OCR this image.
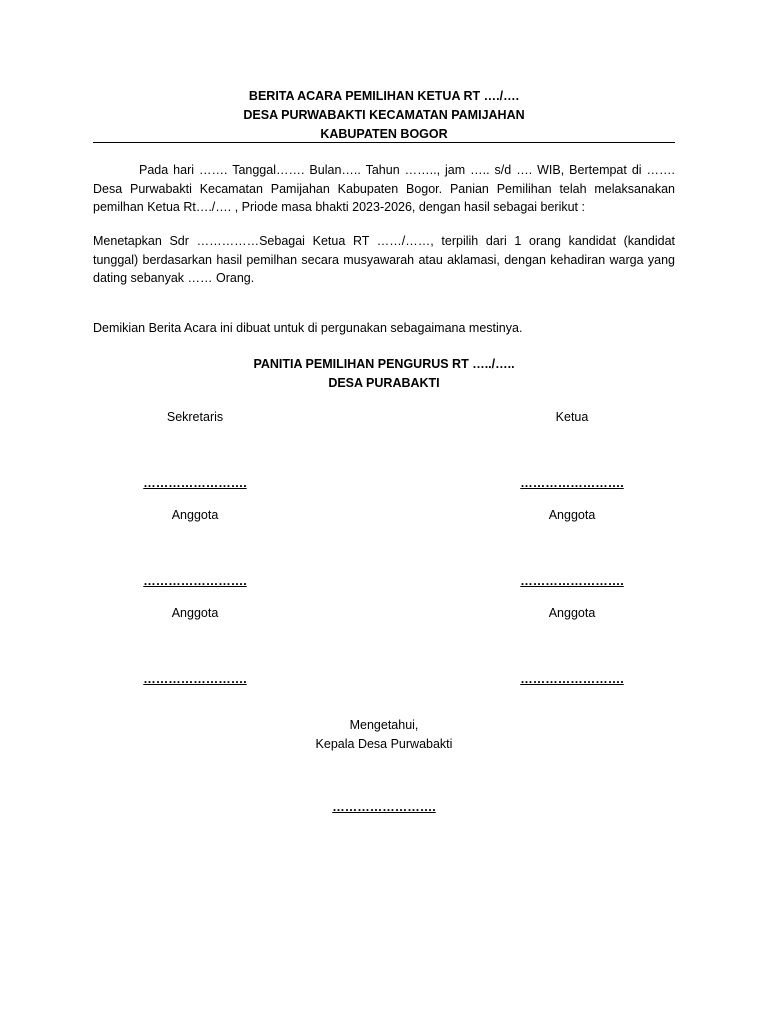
BERITA ACARA PEMILIHAN KETUA RT …./….
DESA PURWABAKTI KECAMATAN PAMIJAHAN
KABUPATEN BOGOR
Pada hari ……. Tanggal……. Bulan….. Tahun …….., jam ….. s/d …. WIB, Bertempat di ……. Desa Purwabakti Kecamatan Pamijahan Kabupaten Bogor. Panian Pemilihan telah melaksanakan pemilhan Ketua Rt…./…. , Priode masa bhakti 2023-2026, dengan hasil sebagai berikut :
Menetapkan Sdr ……………Sebagai Ketua RT ……/……, terpilih dari 1 orang kandidat (kandidat tunggal) berdasarkan hasil pemilhan secara musyawarah atau aklamasi, dengan kehadiran warga yang dating sebanyak …… Orang.
Demikian Berita Acara ini dibuat untuk di pergunakan sebagaimana mestinya.
PANITIA PEMILIHAN PENGURUS RT …../…..
DESA PURABAKTI
Sekretaris	Ketua
…………………….	…………………….
Anggota	Anggota
…………………….	…………………….
Anggota	Anggota
…………………….	…………………….
Mengetahui,
Kepala Desa Purwabakti
…………………….
